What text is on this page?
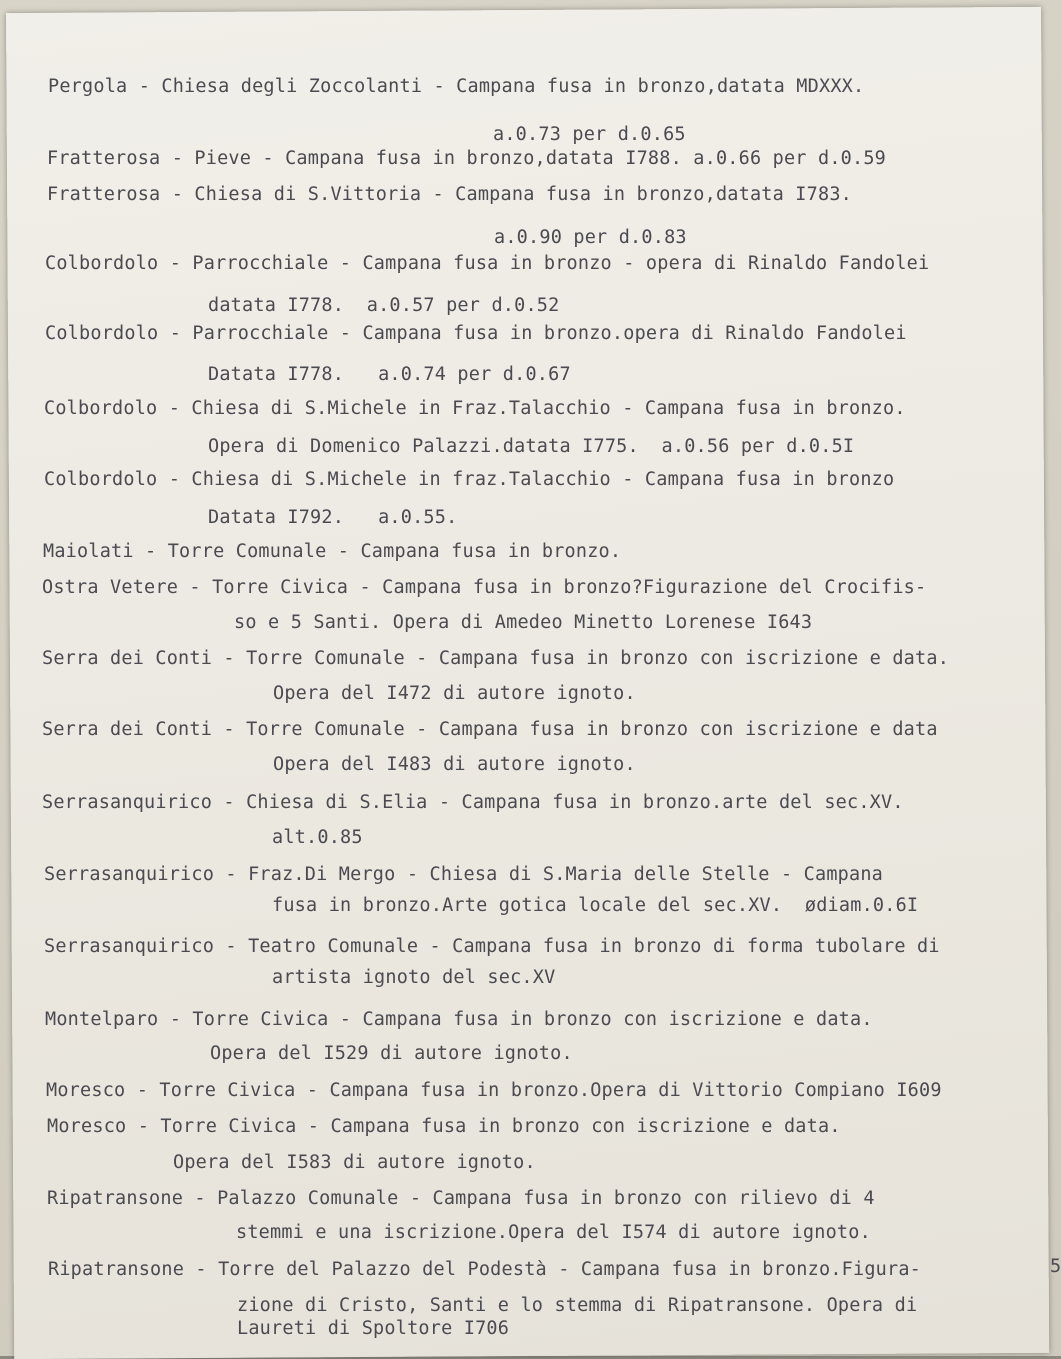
Pergola - Chiesa degli Zoccolanti - Campana fusa in bronzo,datata MDXXX.
a.0.73 per d.0.65
Fratterosa - Pieve - Campana fusa in bronzo,datata I788. a.0.66 per d.0.59
Fratterosa - Chiesa di S.Vittoria - Campana fusa in bronzo,datata I783.
a.0.90 per d.0.83
Colbordolo - Parrocchiale - Campana fusa in bronzo - opera di Rinaldo Fandolei
datata I778.  a.0.57 per d.0.52
Colbordolo - Parrocchiale - Campana fusa in bronzo.opera di Rinaldo Fandolei
Datata I778.   a.0.74 per d.0.67
Colbordolo - Chiesa di S.Michele in Fraz.Talacchio - Campana fusa in bronzo.
Opera di Domenico Palazzi.datata I775.  a.0.56 per d.0.5I
Colbordolo - Chiesa di S.Michele in fraz.Talacchio - Campana fusa in bronzo
Datata I792.   a.0.55.
Maiolati - Torre Comunale - Campana fusa in bronzo.
Ostra Vetere - Torre Civica - Campana fusa in bronzo?Figurazione del Crocifis-
so e 5 Santi. Opera di Amedeo Minetto Lorenese I643
Serra dei Conti - Torre Comunale - Campana fusa in bronzo con iscrizione e data.
Opera del I472 di autore ignoto.
Serra dei Conti - Torre Comunale - Campana fusa in bronzo con iscrizione e data
Opera del I483 di autore ignoto.
Serrasanquirico - Chiesa di S.Elia - Campana fusa in bronzo.arte del sec.XV.
alt.0.85
Serrasanquirico - Fraz.Di Mergo - Chiesa di S.Maria delle Stelle - Campana
fusa in bronzo.Arte gotica locale del sec.XV.  ødiam.0.6I
Serrasanquirico - Teatro Comunale - Campana fusa in bronzo di forma tubolare di
artista ignoto del sec.XV
Montelparo - Torre Civica - Campana fusa in bronzo con iscrizione e data.
Opera del I529 di autore ignoto.
Moresco - Torre Civica - Campana fusa in bronzo.Opera di Vittorio Compiano I609
Moresco - Torre Civica - Campana fusa in bronzo con iscrizione e data.
Opera del I583 di autore ignoto.
Ripatransone - Palazzo Comunale - Campana fusa in bronzo con rilievo di 4
stemmi e una iscrizione.Opera del I574 di autore ignoto.
Ripatransone - Torre del Palazzo del Podestà - Campana fusa in bronzo.Figura-
zione di Cristo, Santi e lo stemma di Ripatransone. Opera di
Laureti di Spoltore I706
5
